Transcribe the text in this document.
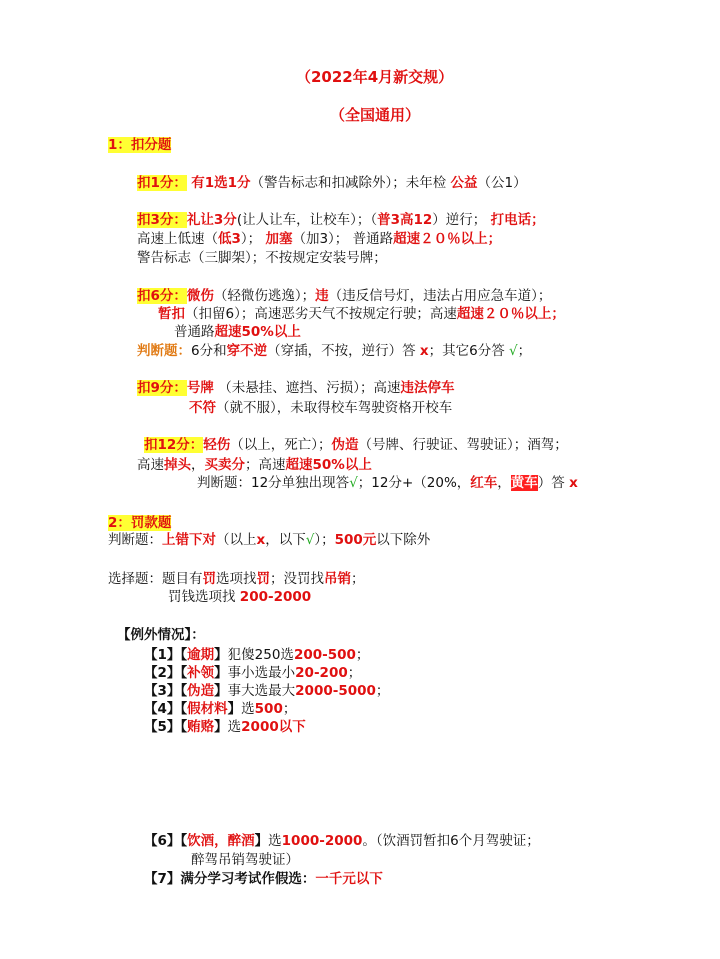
（2022年4月新交规）
（全国通用）
1：扣分题
扣1分： 有1选1分（警告标志和扣减除外）；未年检 公益（公1）
扣3分：礼让3分(让人让车，让校车）；（普3高12）逆行； 打电话；
高速上低速（低3）； 加塞（加3）； 普通路超速２０％以上；
警告标志（三脚架）；不按规定安装号牌；
扣6分：微伤（轻微伤逃逸）；违（违反信号灯，违法占用应急车道）；
暂扣（扣留6）；高速恶劣天气不按规定行驶；高速超速２０％以上；
普通路超速50%以上
判断题：6分和穿不逆（穿插，不按，逆行）答 x；其它6分答 √；
扣9分：号牌 （未悬挂、遮挡、污损）；高速违法停车
不符（就不服），未取得校车驾驶资格开校车
扣12分：轻伤（以上，死亡）；伪造（号牌、行驶证、驾驶证）；酒驾；
高速掉头，买卖分；高速超速50%以上
判断题：12分单独出现答√；12分+（20%，红车，黄车）答 x
2：罚款题
判断题：上错下对（以上x，以下√）；500元以下除外
选择题：题目有罚选项找罚；没罚找吊销；
罚钱选项找 200-2000
【例外情况】：
【1】【逾期】犯傻250选200-500；
【2】【补领】事小选最小20-200；
【3】【伪造】事大选最大2000-5000；
【4】【假材料】选500；
【5】【贿赂】选2000以下
【6】【饮酒，醉酒】选1000-2000。（饮酒罚暂扣6个月驾驶证；
醉驾吊销驾驶证）
【7】满分学习考试作假选：一千元以下
